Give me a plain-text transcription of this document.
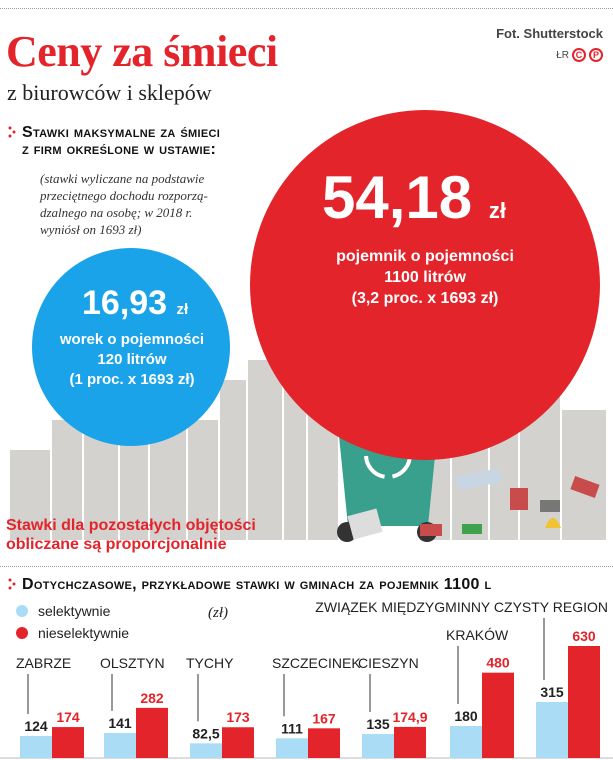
Ceny za śmieci
z biurowców i sklepów
Fot. Shutterstock
ŁR C	P
Stawki maksymalne za śmieci
z firm określone w ustawie:
(stawki wyliczane na podstawie
przeciętnego dochodu rozporzą-
dzalnego na osobę; w 2018 r.
wyniósł on 1693 zł)	54,18 zł
pojemnik o pojemności
1100 litrów
(3,2 proc. x 1693 zł)
16,93 zł
worek o pojemności
120 litrów
(1 proc. x 1693 zł)
Stawki dla pozostałych objętości
obliczane są proporcjonalnie
Dotychczasowe, przykładowe stawki w gminach za pojemnik 1100 l
selektywnie
nieselektywnie
(zł)
124
174
ZABRZE
141
282
OLSZTYN
82,5
173
TYCHY
111
167
SZCZECINEK
135 174,9
CIESZYN
180
480
KRAKÓW
315
630
ZWIĄZEK MIĘDZYGMINNY CZYSTY REGION
